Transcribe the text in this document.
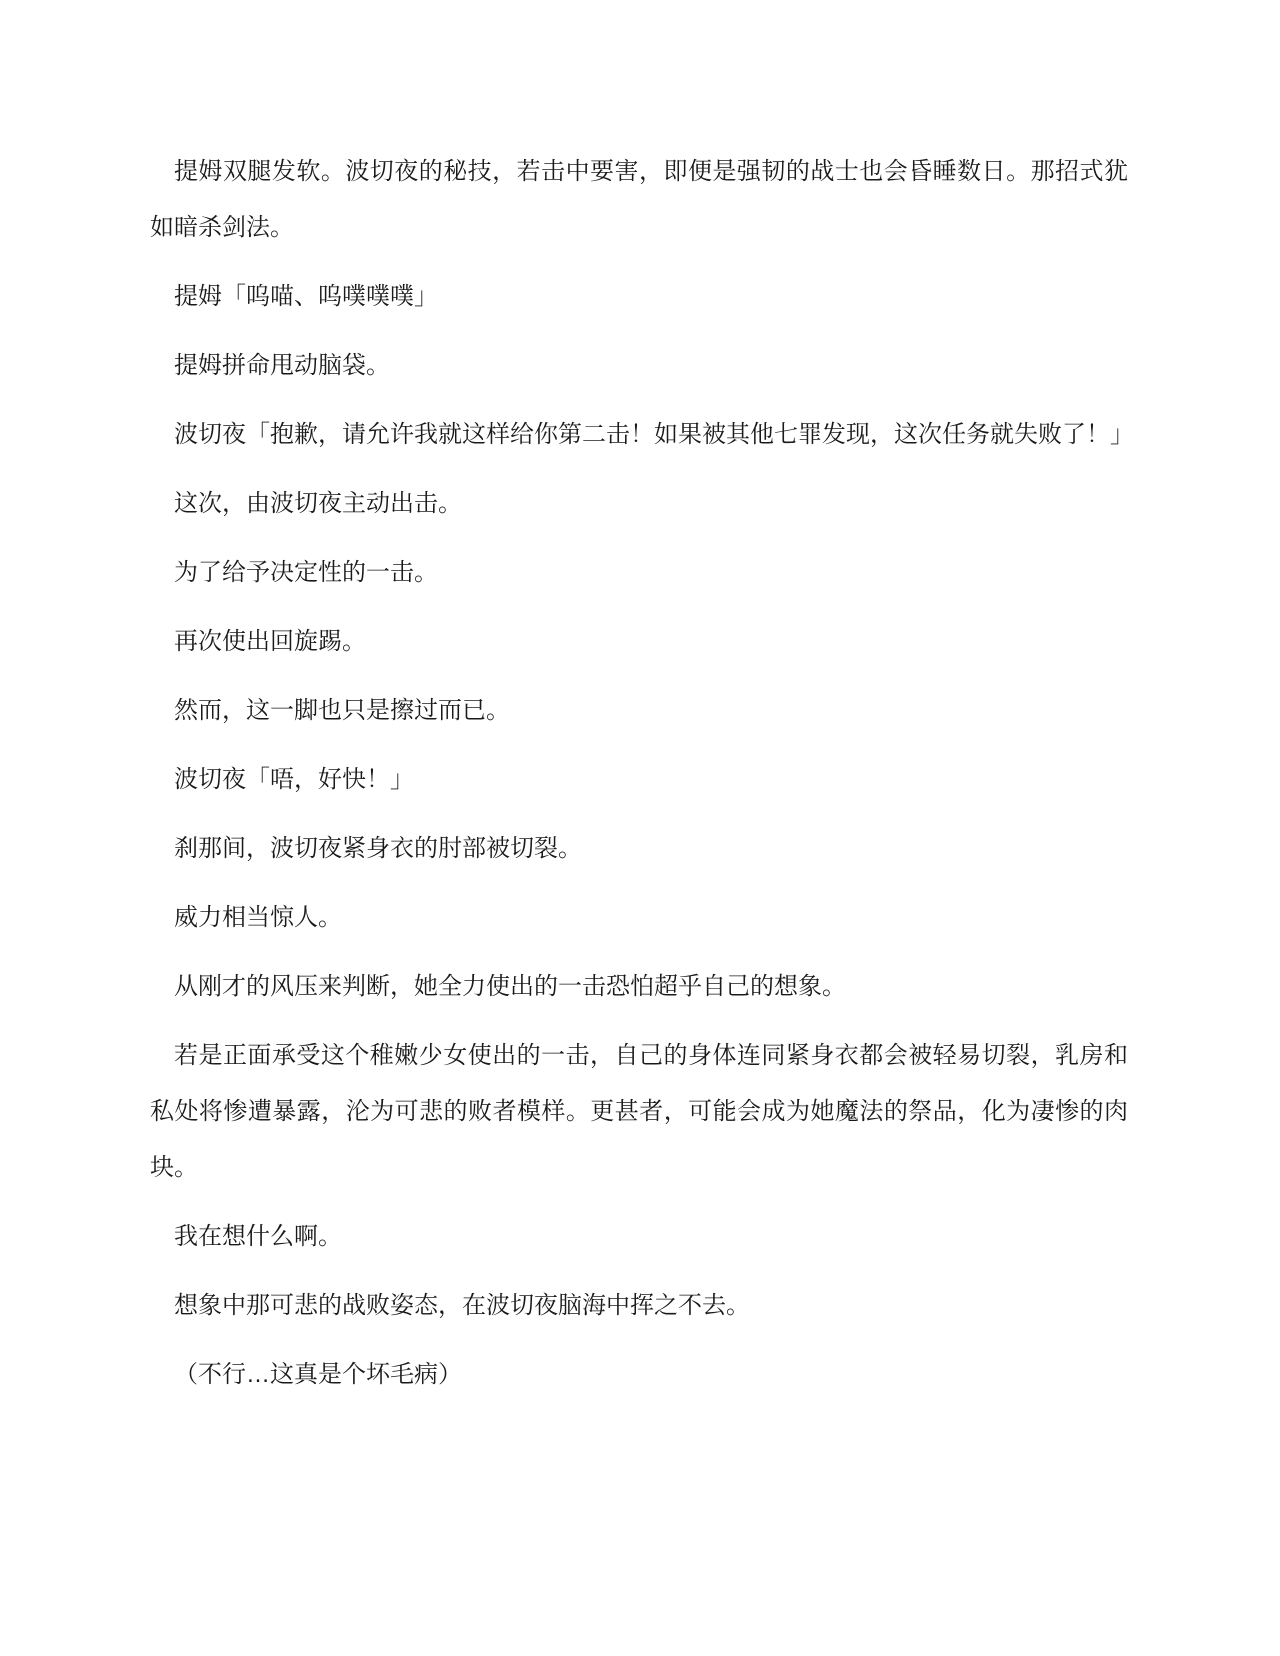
提姆双腿发软。波切夜的秘技，若击中要害，即便是强韧的战士也会昏睡数日。那招式犹如暗杀剑法。

提姆「呜喵、呜噗噗噗」

提姆拼命甩动脑袋。

波切夜「抱歉，请允许我就这样给你第二击！如果被其他七罪发现，这次任务就失败了！」

这次，由波切夜主动出击。

为了给予决定性的一击。

再次使出回旋踢。

然而，这一脚也只是擦过而已。

波切夜「唔，好快！」

刹那间，波切夜紧身衣的肘部被切裂。

威力相当惊人。

从刚才的风压来判断，她全力使出的一击恐怕超乎自己的想象。

若是正面承受这个稚嫩少女使出的一击，自己的身体连同紧身衣都会被轻易切裂，乳房和私处将惨遭暴露，沦为可悲的败者模样。更甚者，可能会成为她魔法的祭品，化为凄惨的肉块。

我在想什么啊。

想象中那可悲的战败姿态，在波切夜脑海中挥之不去。

（不行…这真是个坏毛病）
